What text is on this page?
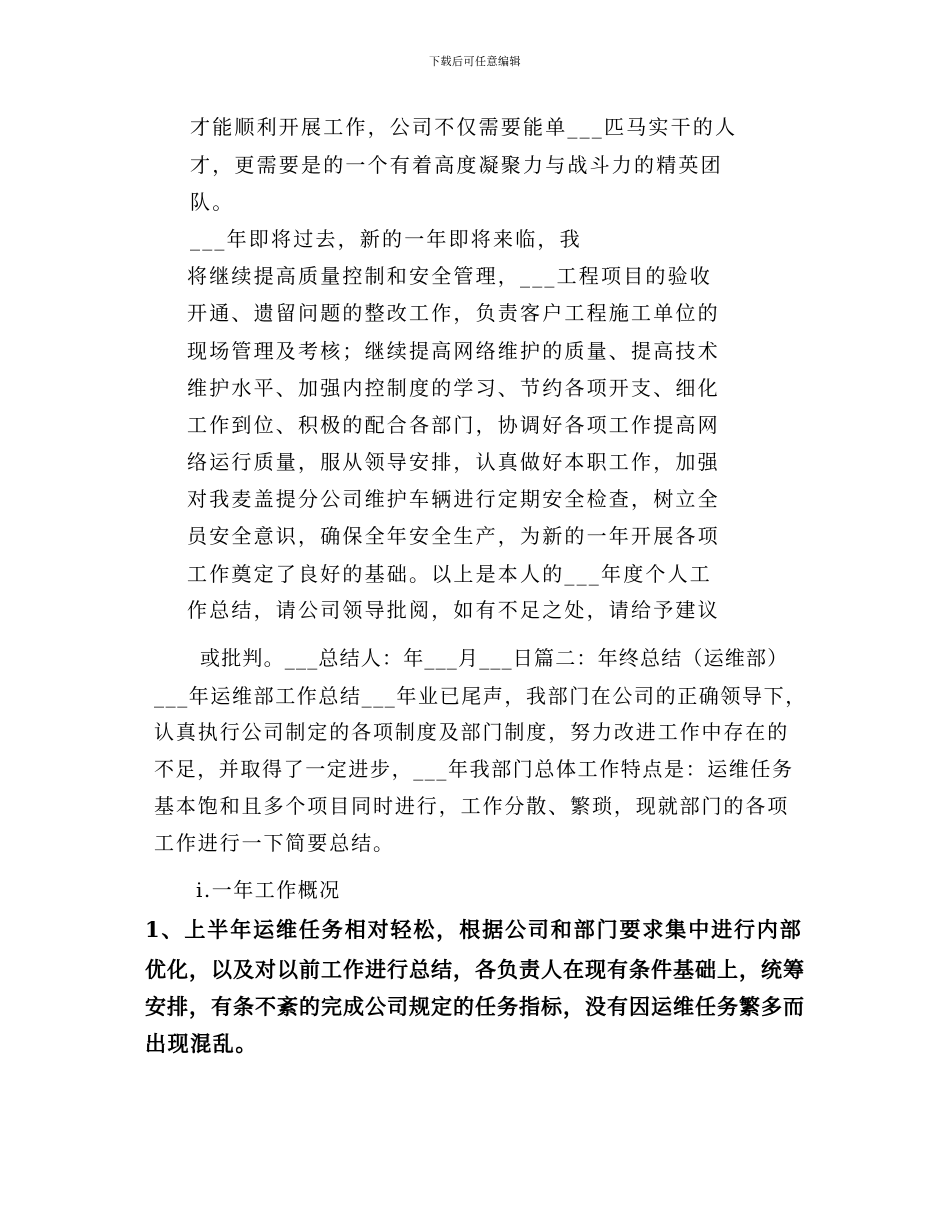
下载后可任意编辑
才能顺利开展工作，公司不仅需要能单___匹马实干的人
才，更需要是的一个有着高度凝聚力与战斗力的精英团
队。
___年即将过去，新的一年即将来临，我
将继续提高质量控制和安全管理，___工程项目的验收
开通、遗留问题的整改工作，负责客户工程施工单位的
现场管理及考核；继续提高网络维护的质量、提高技术
维护水平、加强内控制度的学习、节约各项开支、细化
工作到位、积极的配合各部门，协调好各项工作提高网
络运行质量，服从领导安排，认真做好本职工作，加强
对我麦盖提分公司维护车辆进行定期安全检查，树立全
员安全意识，确保全年安全生产，为新的一年开展各项
工作奠定了良好的基础。以上是本人的___年度个人工
作总结，请公司领导批阅，如有不足之处，请给予建议
或批判。___总结人：年___月___日篇二：年终总结（运维部）
___年运维部工作总结___年业已尾声，我部门在公司的正确领导下，
认真执行公司制定的各项制度及部门制度，努力改进工作中存在的
不足，并取得了一定进步，___年我部门总体工作特点是：运维任务
基本饱和且多个项目同时进行，工作分散、繁琐，现就部门的各项
工作进行一下简要总结。
ⅰ.一年工作概况
1、上半年运维任务相对轻松，根据公司和部门要求集中进行内部
优化，以及对以前工作进行总结，各负责人在现有条件基础上，统筹
安排，有条不紊的完成公司规定的任务指标，没有因运维任务繁多而
出现混乱。
